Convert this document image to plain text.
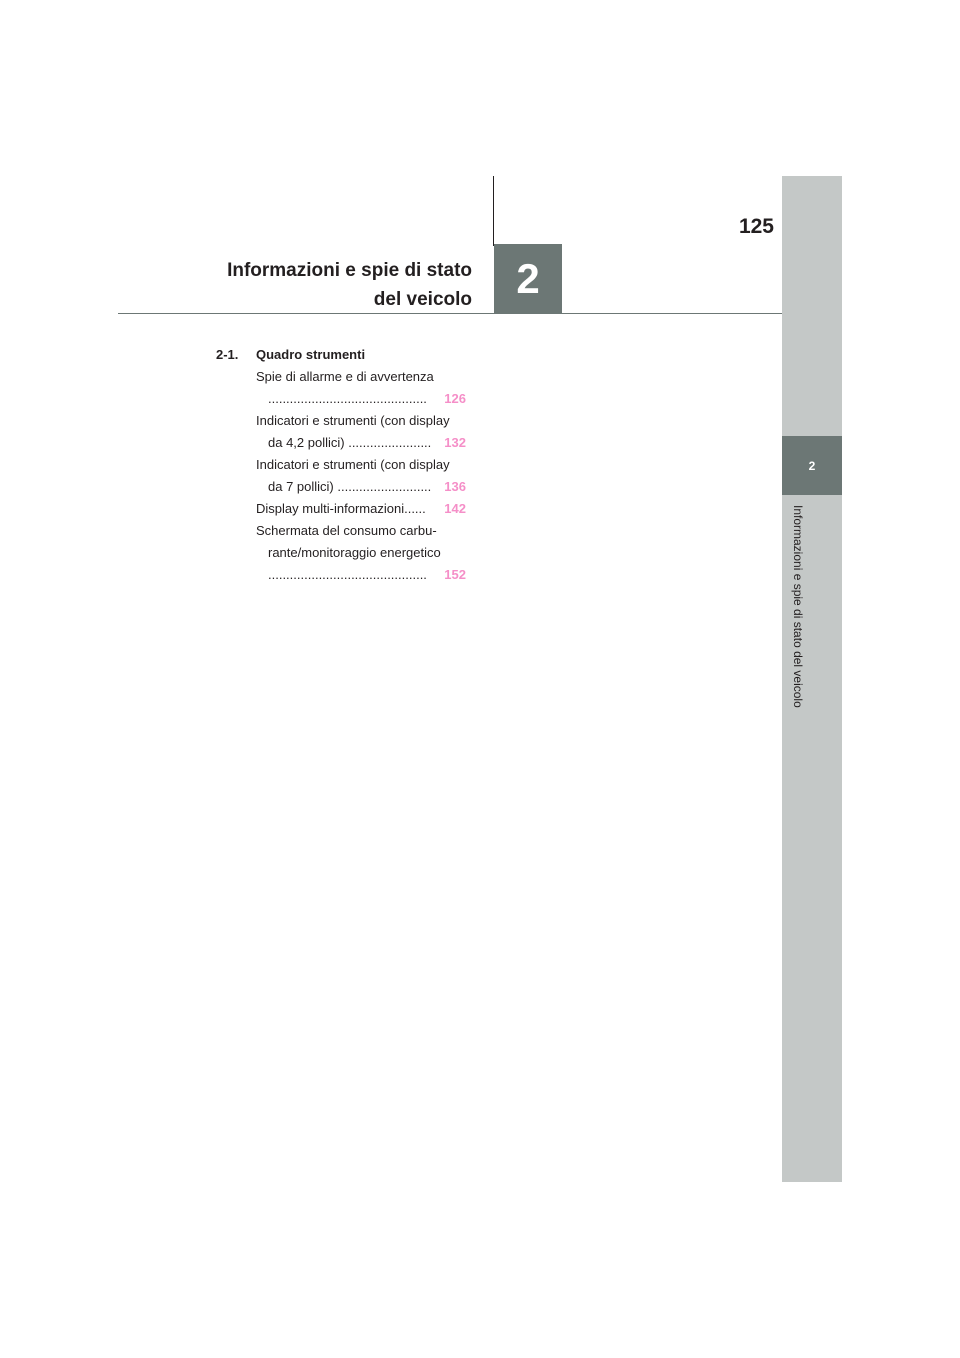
2
Informazioni e spie di stato del veicolo
2
125
Informazioni e spie di stato
del veicolo
2-1. Quadro strumenti
Spie di allarme e di avvertenza
............................................	126
Indicatori e strumenti (con display
da 4,2 pollici) .......................	132
Indicatori e strumenti (con display
da 7 pollici) ..........................	136
Display multi-informazioni......	142
Schermata del consumo carbu-
rante/monitoraggio energetico
............................................	152
